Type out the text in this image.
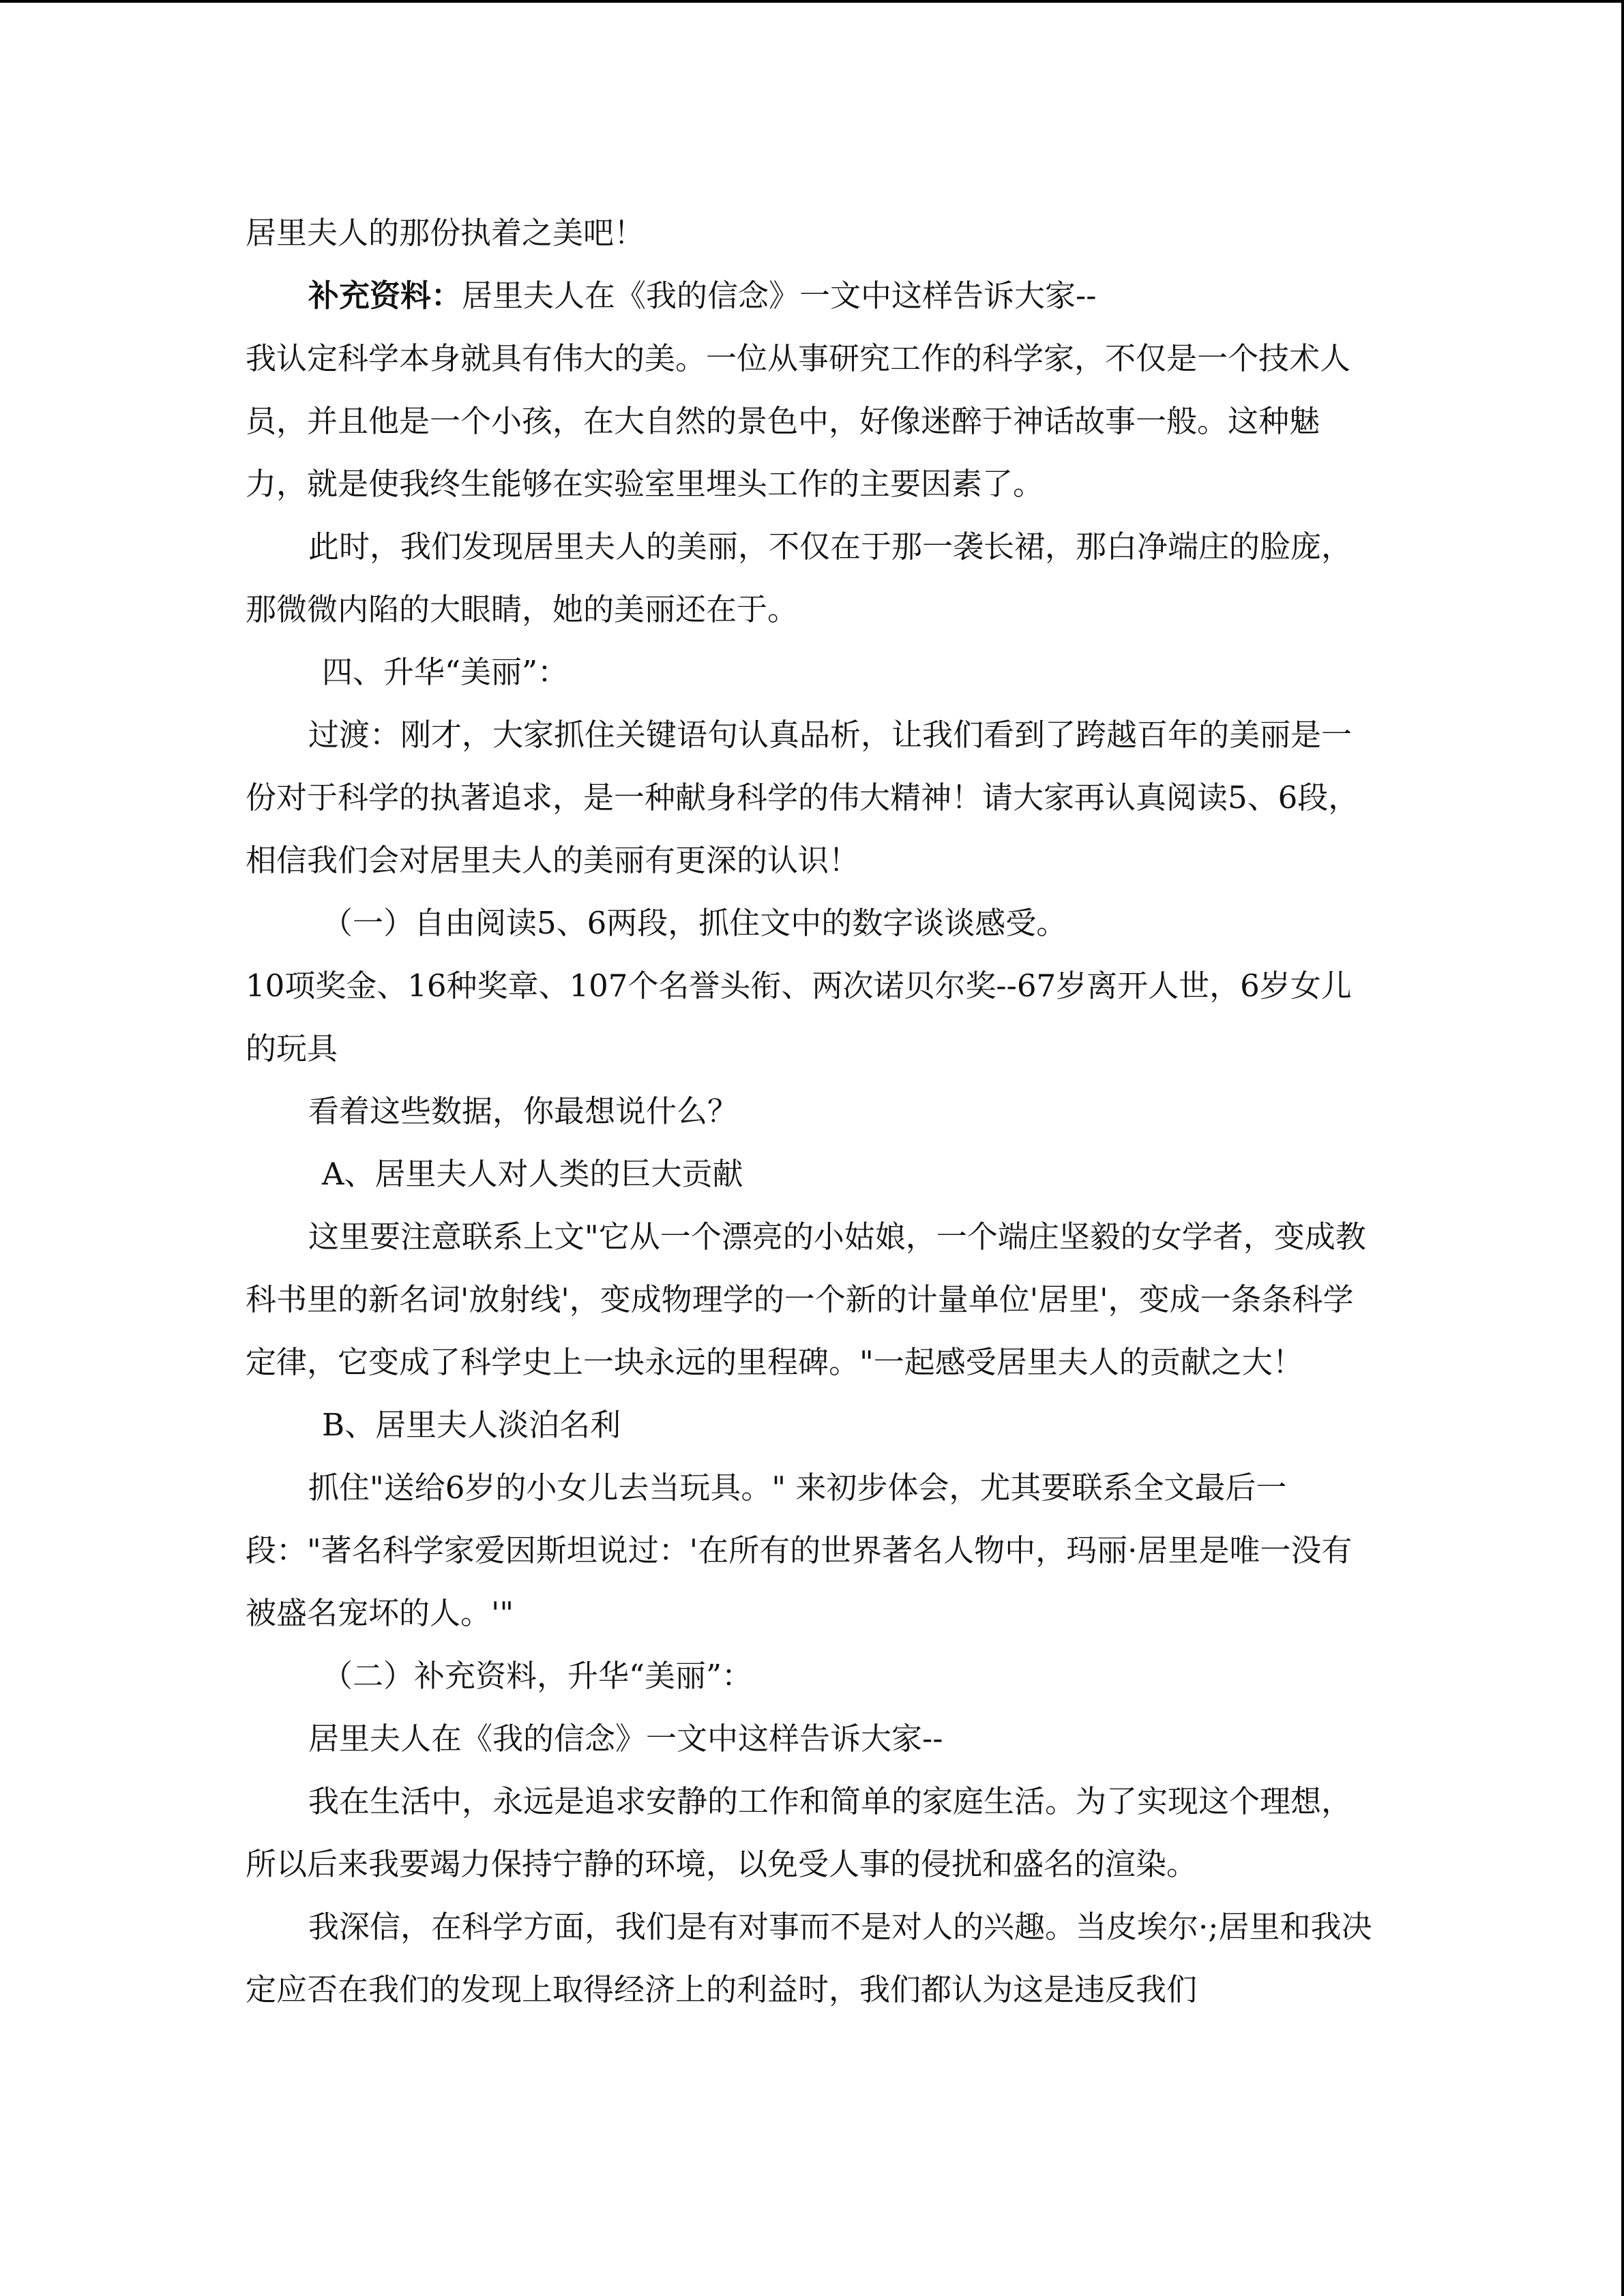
居里夫人的那份执着之美吧！

补充资料：居里夫人在《我的信念》一文中这样告诉大家--

我认定科学本身就具有伟大的美。一位从事研究工作的科学家，不仅是一个技术人员，并且他是一个小孩，在大自然的景色中，好像迷醉于神话故事一般。这种魅力，就是使我终生能够在实验室里埋头工作的主要因素了。

此时，我们发现居里夫人的美丽，不仅在于那一袭长裙，那白净端庄的脸庞，那微微内陷的大眼睛，她的美丽还在于。

四、升华“美丽”：

过渡：刚才，大家抓住关键语句认真品析，让我们看到了跨越百年的美丽是一份对于科学的执著追求，是一种献身科学的伟大精神！请大家再认真阅读5、6段，相信我们会对居里夫人的美丽有更深的认识！

（一）自由阅读5、6两段，抓住文中的数字谈谈感受。

10项奖金、16种奖章、107个名誉头衔、两次诺贝尔奖--67岁离开人世，6岁女儿的玩具

看着这些数据，你最想说什么？

A、居里夫人对人类的巨大贡献

这里要注意联系上文"它从一个漂亮的小姑娘，一个端庄坚毅的女学者，变成教科书里的新名词'放射线'，变成物理学的一个新的计量单位'居里'，变成一条条科学定律，它变成了科学史上一块永远的里程碑。"一起感受居里夫人的贡献之大！

B、居里夫人淡泊名利

抓住"送给6岁的小女儿去当玩具。" 来初步体会，尤其要联系全文最后一段："著名科学家爱因斯坦说过：'在所有的世界著名人物中，玛丽·居里是唯一没有被盛名宠坏的人。'"

（二）补充资料，升华“美丽”：

居里夫人在《我的信念》一文中这样告诉大家--

我在生活中，永远是追求安静的工作和简单的家庭生活。为了实现这个理想，所以后来我要竭力保持宁静的环境，以免受人事的侵扰和盛名的渲染。

我深信，在科学方面，我们是有对事而不是对人的兴趣。当皮埃尔·;居里和我决定应否在我们的发现上取得经济上的利益时，我们都认为这是违反我们
